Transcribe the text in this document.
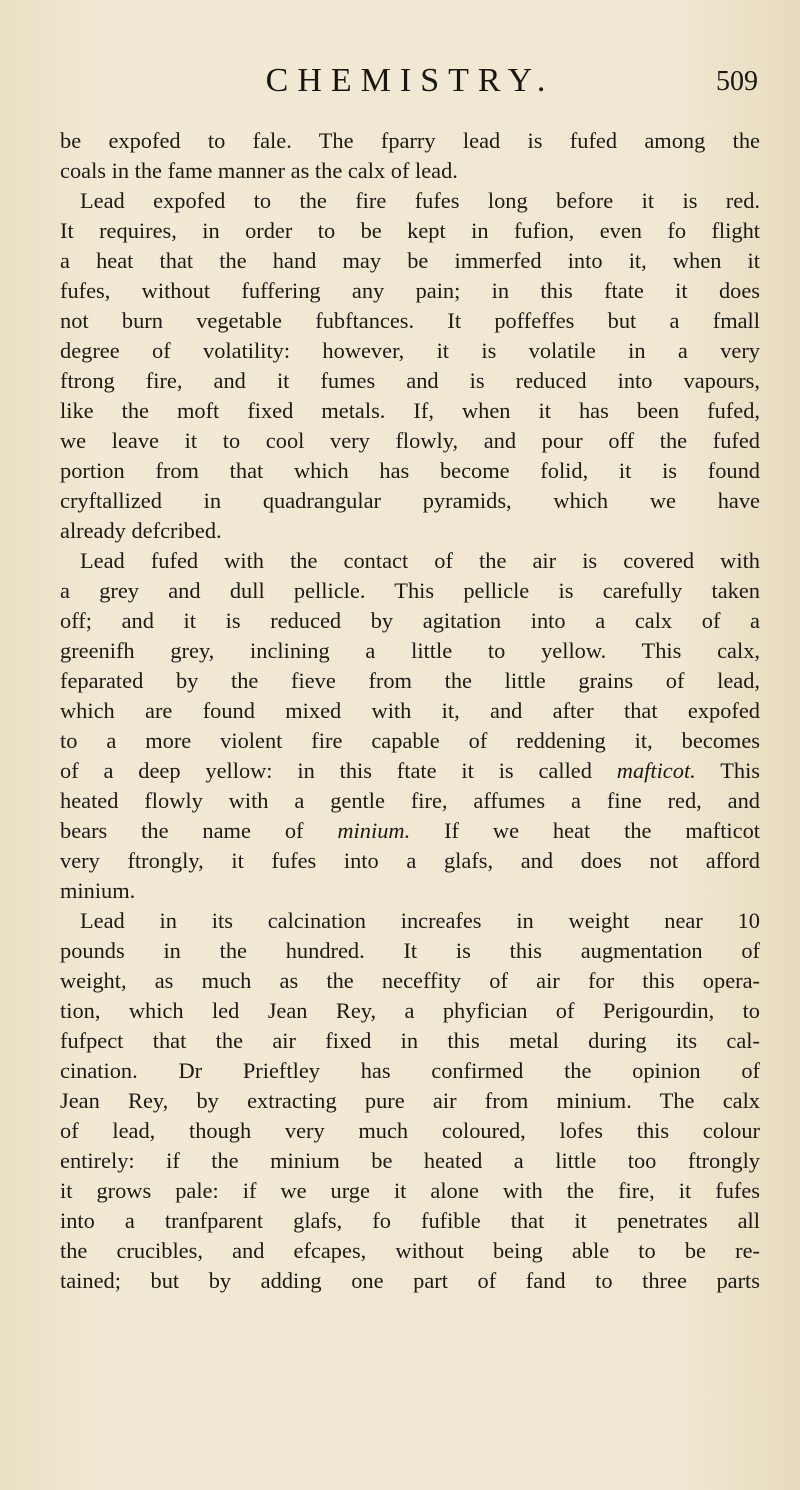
CHEMISTRY.	509
be expofed to fale. The fparry lead is fufed among the
coals in the fame manner as the calx of lead.
Lead expofed to the fire fufes long before it is red.
It requires, in order to be kept in fufion, even fo flight
a heat that the hand may be immerfed into it, when it
fufes, without fuffering any pain; in this ftate it does
not burn vegetable fubftances. It poffeffes but a fmall
degree of volatility: however, it is volatile in a very
ftrong fire, and it fumes and is reduced into vapours,
like the moft fixed metals. If, when it has been fufed,
we leave it to cool very flowly, and pour off the fufed
portion from that which has become folid, it is found
cryftallized in quadrangular pyramids, which we have
already defcribed.
Lead fufed with the contact of the air is covered with
a grey and dull pellicle. This pellicle is carefully taken
off; and it is reduced by agitation into a calx of a
greenifh grey, inclining a little to yellow. This calx,
feparated by the fieve from the little grains of lead,
which are found mixed with it, and after that expofed
to a more violent fire capable of reddening it, becomes
of a deep yellow: in this ftate it is called mafticot. This
heated flowly with a gentle fire, affumes a fine red, and
bears the name of minium. If we heat the mafticot
very ftrongly, it fufes into a glafs, and does not afford
minium.
Lead in its calcination increafes in weight near 10
pounds in the hundred. It is this augmentation of
weight, as much as the neceffity of air for this opera-
tion, which led Jean Rey, a phyfician of Perigourdin, to
fufpect that the air fixed in this metal during its cal-
cination. Dr Prieftley has confirmed the opinion of
Jean Rey, by extracting pure air from minium. The calx
of lead, though very much coloured, lofes this colour
entirely: if the minium be heated a little too ftrongly
it grows pale: if we urge it alone with the fire, it fufes
into a tranfparent glafs, fo fufible that it penetrates all
the crucibles, and efcapes, without being able to be re-
tained; but by adding one part of fand to three parts
